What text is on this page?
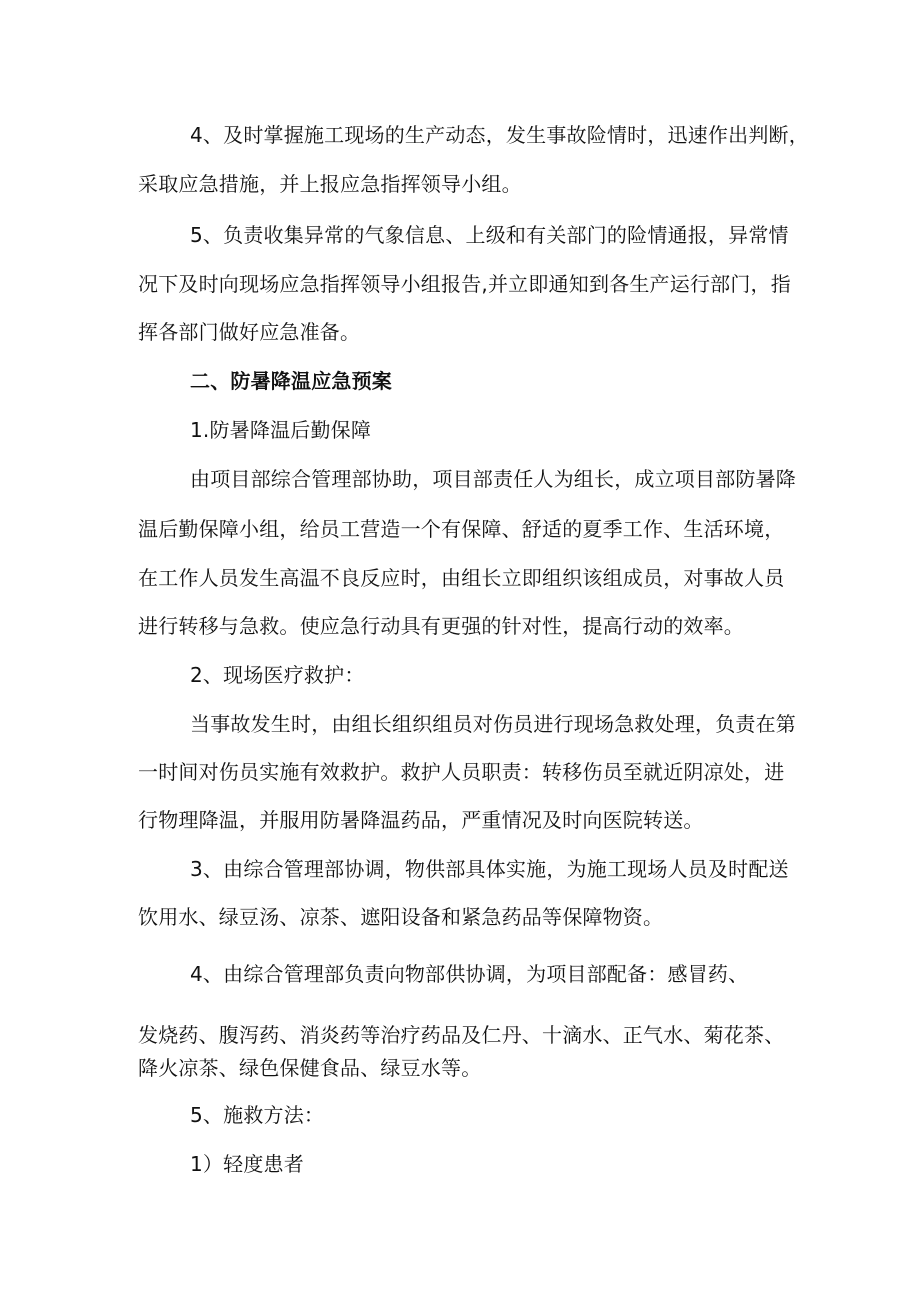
4、及时掌握施工现场的生产动态，发生事故险情时，迅速作出判断，
采取应急措施，并上报应急指挥领导小组。
5、负责收集异常的气象信息、上级和有关部门的险情通报，异常情
况下及时向现场应急指挥领导小组报告,并立即通知到各生产运行部门，指
挥各部门做好应急准备。
二、防暑降温应急预案
1.防暑降温后勤保障
由项目部综合管理部协助，项目部责任人为组长，成立项目部防暑降
温后勤保障小组，给员工营造一个有保障、舒适的夏季工作、生活环境，
在工作人员发生高温不良反应时，由组长立即组织该组成员，对事故人员
进行转移与急救。使应急行动具有更强的针对性，提高行动的效率。
2、现场医疗救护：
当事故发生时，由组长组织组员对伤员进行现场急救处理，负责在第
一时间对伤员实施有效救护。救护人员职责：转移伤员至就近阴凉处，进
行物理降温，并服用防暑降温药品，严重情况及时向医院转送。
3、由综合管理部协调，物供部具体实施，为施工现场人员及时配送
饮用水、绿豆汤、凉茶、遮阳设备和紧急药品等保障物资。
4、由综合管理部负责向物部供协调，为项目部配备：感冒药、
发烧药、腹泻药、消炎药等治疗药品及仁丹、十滴水、正气水、菊花茶、
降火凉茶、绿色保健食品、绿豆水等。
5、施救方法：
1）轻度患者
